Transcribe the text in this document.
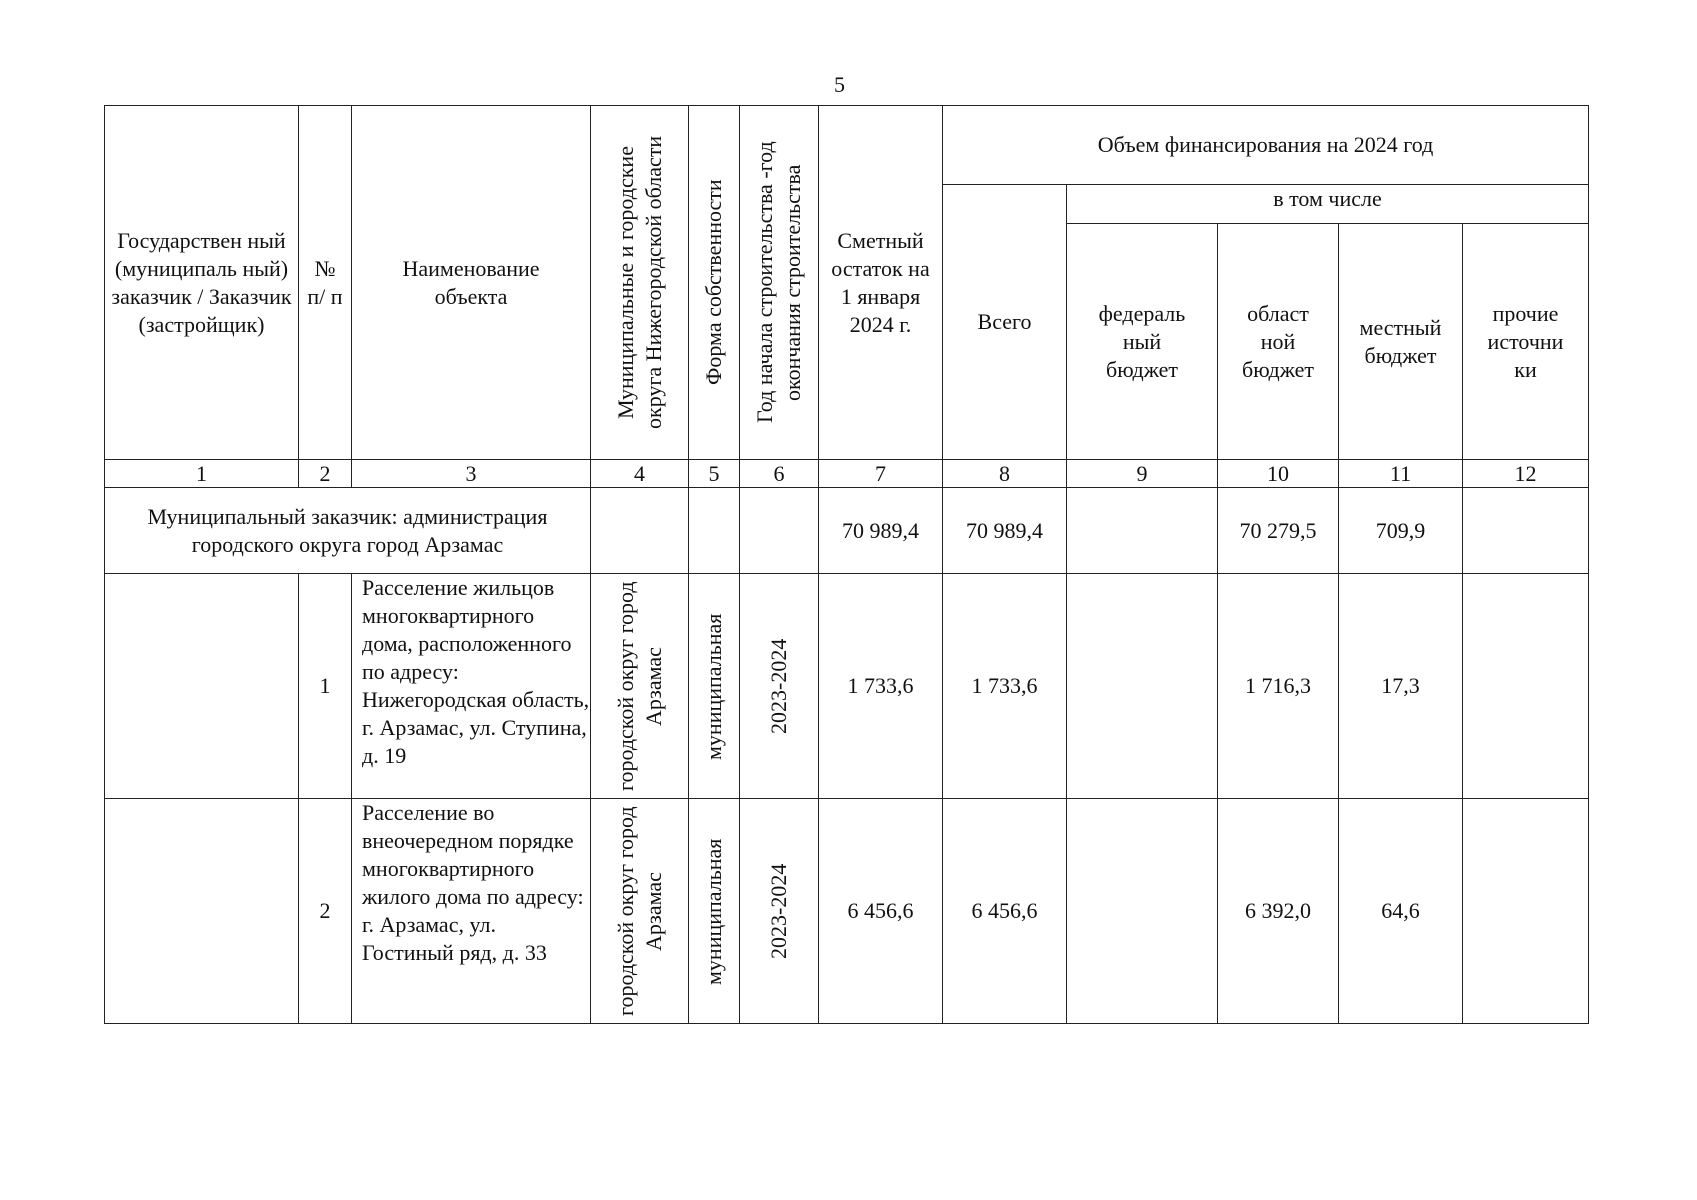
5
Государствен ный (муниципаль ный) заказчик / Заказчик (застройщик)	№ п/ п	Наименование объекта	Муниципальные и городские округа Нижегородской области	Форма собственности	Год начала строительства -год окончания строительства	Сметный остаток на 1 января 2024 г.	Объем финансирования на 2024 год				
							Всего	в том числе			

								федераль ный бюджет	област ной бюджет	местный бюджет	прочие источни ки

1	2	3	4	5	6	7	8	9	10	11	12

Муниципальный заказчик: администрация городского округа город Арзамас						70 989,4	70 989,4		70 279,5	709,9	
	1	Расселение жильцов многоквартирного дома, расположенного по адресу: Нижегородская область, г. Арзамас, ул. Ступина, д. 19	городской округ город Арзамас	муниципальная	2023-2024	1 733,6	1 733,6		1 716,3	17,3	
	2	Расселение во внеочередном порядке многоквартирного жилого дома по адресу: г. Арзамас, ул. Гостиный ряд, д. 33	городской округ город Арзамас	муниципальная	2023-2024	6 456,6	6 456,6		6 392,0	64,6	
